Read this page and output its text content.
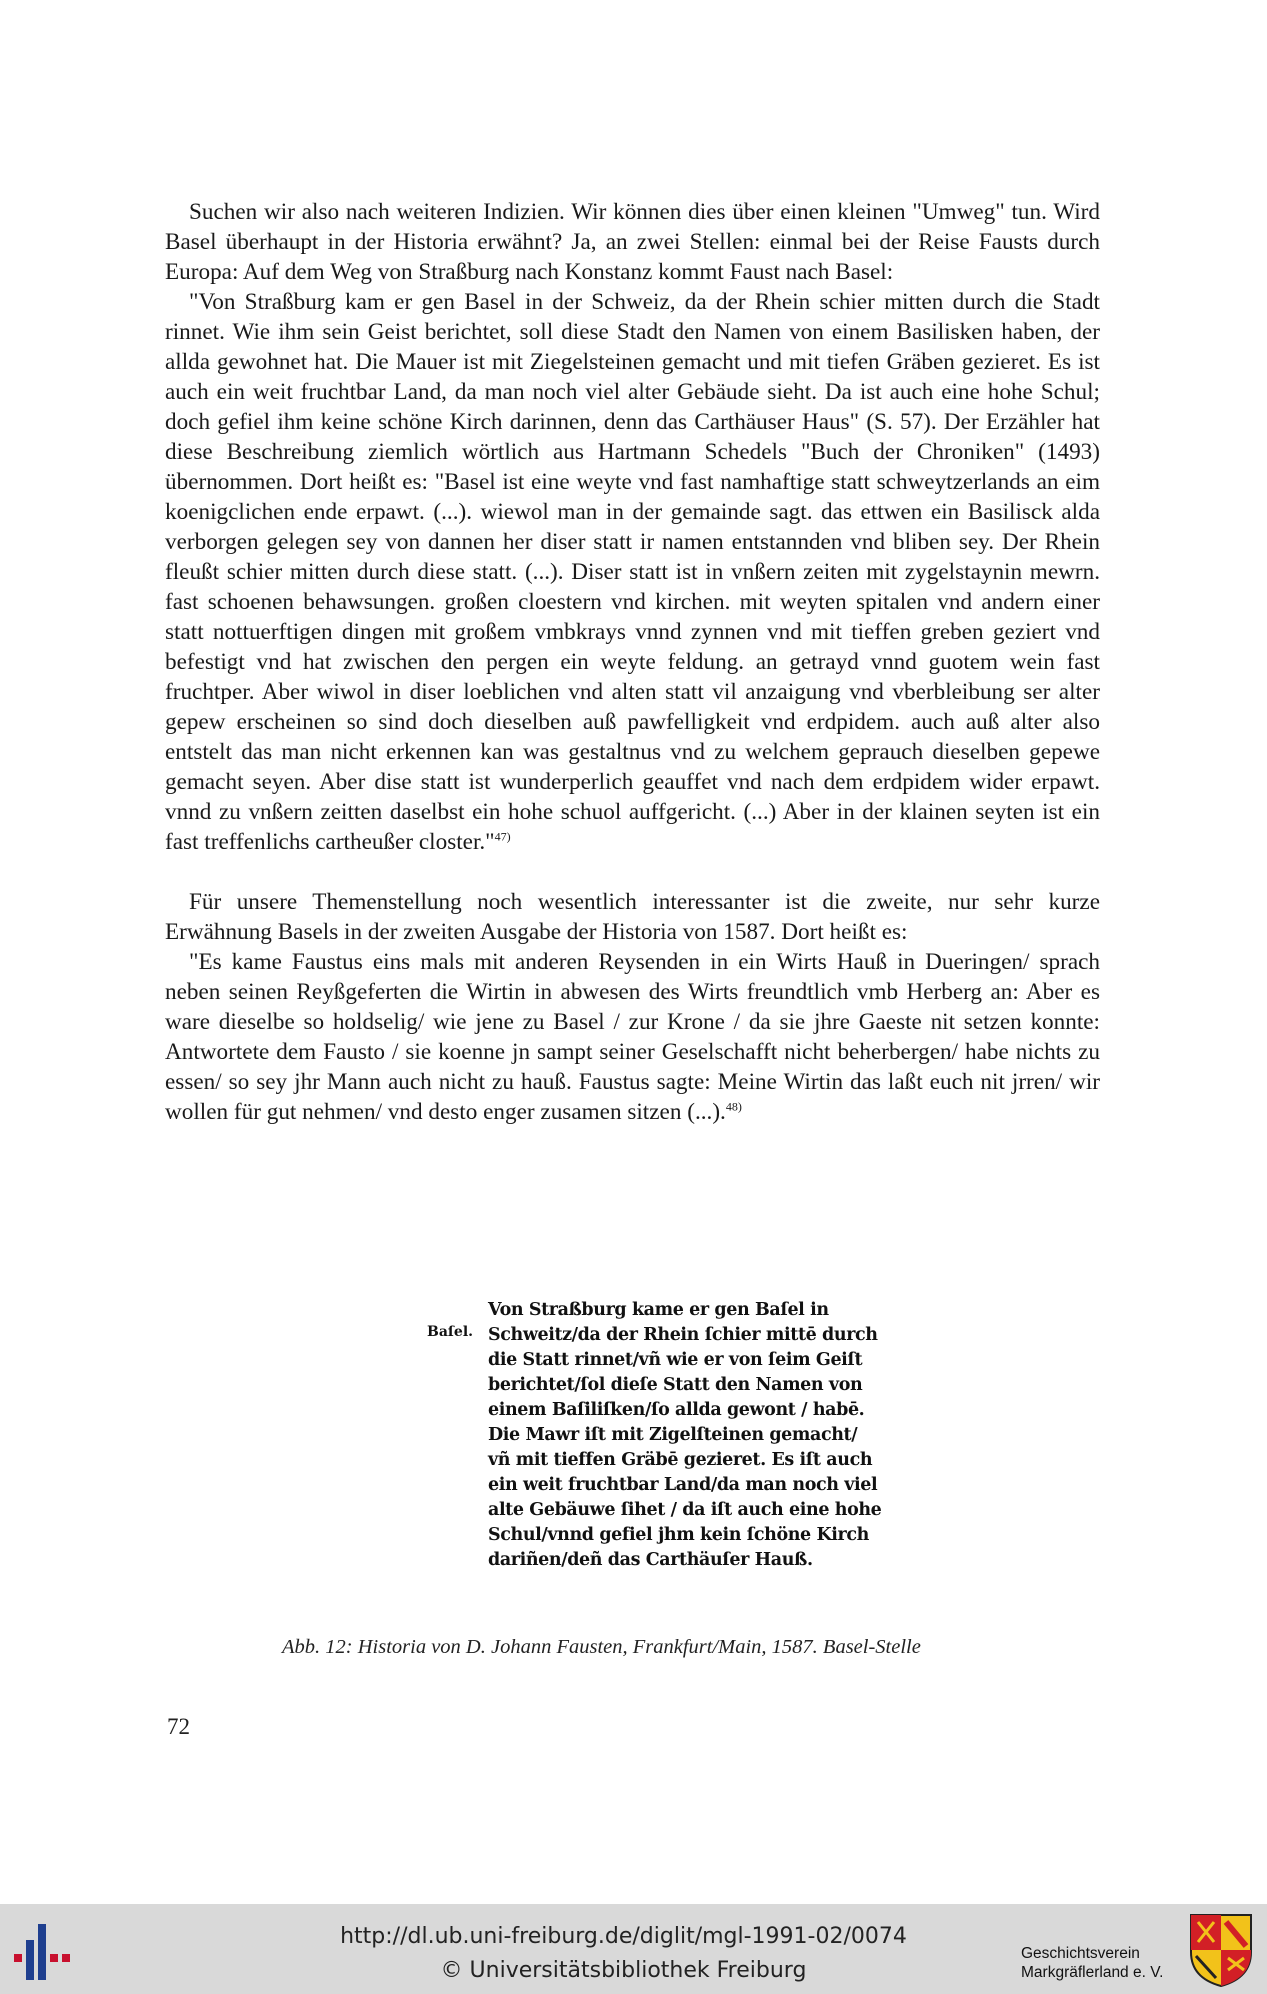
Suchen wir also nach weiteren Indizien. Wir können dies über einen kleinen "Umweg" tun. Wird Basel überhaupt in der Historia erwähnt? Ja, an zwei Stellen: einmal bei der Reise Fausts durch Europa: Auf dem Weg von Straßburg nach Konstanz kommt Faust nach Basel:

"Von Straßburg kam er gen Basel in der Schweiz, da der Rhein schier mitten durch die Stadt rinnet. Wie ihm sein Geist berichtet, soll diese Stadt den Namen von einem Basilisken haben, der allda gewohnet hat. Die Mauer ist mit Ziegelsteinen gemacht und mit tiefen Gräben gezieret. Es ist auch ein weit fruchtbar Land, da man noch viel alter Gebäude sieht. Da ist auch eine hohe Schul; doch gefiel ihm keine schöne Kirch darinnen, denn das Carthäuser Haus" (S. 57). Der Erzähler hat diese Beschreibung ziemlich wörtlich aus Hartmann Schedels "Buch der Chroniken" (1493) übernommen. Dort heißt es: "Basel ist eine weyte vnd fast namhaftige statt schweytzerlands an eim koenigclichen ende erpawt. (...). wiewol man in der gemainde sagt. das ettwen ein Basilisck alda verborgen gelegen sey von dannen her diser statt ir namen entstannden vnd bliben sey. Der Rhein fleußt schier mitten durch diese statt. (...). Diser statt ist in vnßern zeiten mit zygelstaynin mewrn. fast schoenen behawsungen. großen cloestern vnd kirchen. mit weyten spitalen vnd andern einer statt nottuerftigen dingen mit großem vmbkrays vnnd zynnen vnd mit tieffen greben geziert vnd befestigt vnd hat zwischen den pergen ein weyte feldung. an getrayd vnnd guotem wein fast fruchtper. Aber wiwol in diser loeblichen vnd alten statt vil anzaigung vnd vberbleibung ser alter gepew erscheinen so sind doch dieselben auß pawfelligkeit vnd erdpidem. auch auß alter also entstelt das man nicht erkennen kan was gestaltnus vnd zu welchem geprauch dieselben gepewe gemacht seyen. Aber dise statt ist wunderperlich geauffet vnd nach dem erdpidem wider erpawt. vnnd zu vnßern zeitten daselbst ein hohe schuol auffgericht. (...) Aber in der klainen seyten ist ein fast treffenlichs cartheußer closter."$^{47)}$

Für unsere Themenstellung noch wesentlich interessanter ist die zweite, nur sehr kurze Erwähnung Basels in der zweiten Ausgabe der Historia von 1587. Dort heißt es:

"Es kame Faustus eins mals mit anderen Reysenden in ein Wirts Hauß in Dueringen/ sprach neben seinen Reyßgeferten die Wirtin in abwesen des Wirts freundtlich vmb Herberg an: Aber es ware dieselbe so holdselig/ wie jene zu Basel / zur Krone / da sie jhre Gaeste nit setzen konnte: Antwortete dem Fausto / sie koenne jn sampt seiner Geselschafft nicht beherbergen/ habe nichts zu essen/ so sey jhr Mann auch nicht zu hauß. Faustus sagte: Meine Wirtin das laßt euch nit jrren/ wir wollen für gut nehmen/ vnd desto enger zusamen sitzen (...).$^{48)}$

Baſel.
Von Straßburg kame er gen Baſel in
Schweitz/da der Rhein ſchier mittē durch
die Statt rinnet/vñ wie er von ſeim Geiſt
berichtet/ſol dieſe Statt den Namen von
einem Baſiliſken/ſo allda gewont / habē.
Die Mawr iſt mit Zigelſteinen gemacht/
vñ mit tieffen Gräbē gezieret. Es iſt auch
ein weit fruchtbar Land/da man noch viel
alte Gebäuwe ſihet / da iſt auch eine hohe
Schul/vnnd gefiel jhm kein ſchöne Kirch
dariñen/deñ das Carthäuſer Hauß.
Abb. 12: Historia von D. Johann Fausten, Frankfurt/Main, 1587. Basel-Stelle
72
http://dl.ub.uni-freiburg.de/diglit/mgl-1991-02/0074
© Universitätsbibliothek Freiburg
Geschichtsverein
Markgräflerland e. V.
